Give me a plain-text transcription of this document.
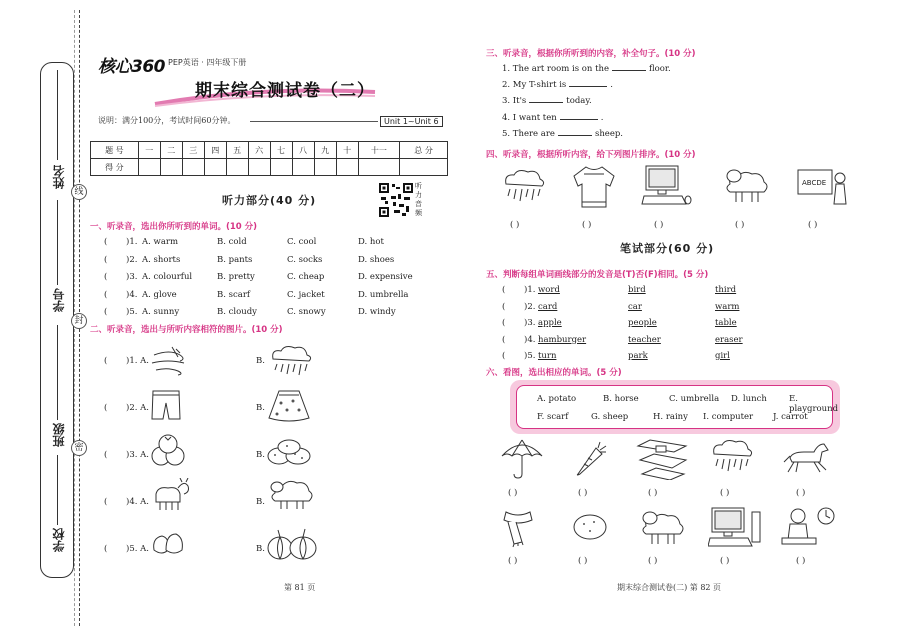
姓名
学号
班级
学校
线
封
密
核心360 PEP英语 · 四年级下册
期末综合测试卷（二）
说明：满分100分，考试时间60分钟。	Unit 1~Unit 6
题 号	一	二	三	四	五	六	七	八	九	十	十一	总 分
得 分												
听力部分(40 分)
听力音频
一、听录音，选出你所听到的单词。(10 分)
( )1. A. warm	B. cold	C. cool	D. hot
( )2. A. shorts	B. pants	C. socks	D. shoes
( )3. A. colourful	B. pretty	C. cheap	D. expensive
( )4. A. glove	B. scarf	C. jacket	D. umbrella
( )5. A. sunny	B. cloudy	C. snowy	D. windy
二、听录音，选出与所听内容相符的图片。(10 分)
( )1. A.	B.
( )2. A.	B.
( )3. A.	B.
( )4. A.	B.
( )5. A.	B.
三、听录音，根据你所听到的内容，补全句子。(10 分)
1. The art room is on the	floor.
2. My T-shirt is	.
3. It's	today.
4. I want ten	.
5. There are	sheep.
四、听录音，根据所听内容，给下列图片排序。(10 分)
ABCDE
( )	( )	( )	( )	( )
笔试部分(60 分)
五、判断每组单词画线部分的发音是(T)否(F)相同。(5 分)
( )1. word	bird	third
( )2. card	car	warm
( )3. apple	people	table
( )4. hamburger	teacher	eraser
( )5. turn	park	girl
六、看图，选出相应的单词。(5 分)
A. potato	B. horse	C. umbrella D. lunch	E. playground
F. scarf	G. sheep	H. rainy I. computer J. carrot
( )	( )	( )	( )	( )
( )	( )	( )	( )	( )
第 81 页	期末综合测试卷(二) 第 82 页
